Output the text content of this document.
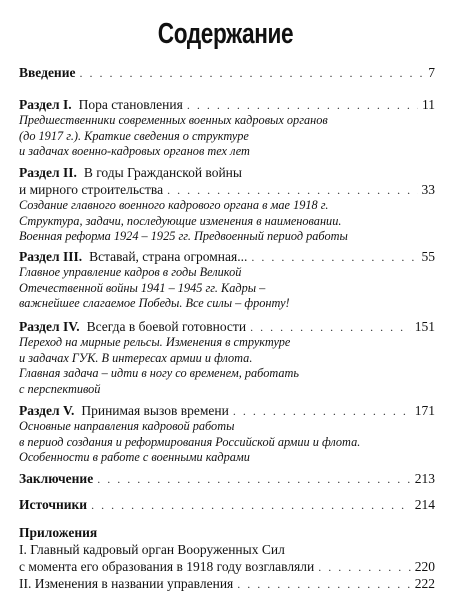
Содержание
Введение . . .	7
Раздел I. Пора становления . . .	11
Предшественники современных военных кадровых органов
(до 1917 г.). Краткие сведения о структуре
и задачах военно-кадровых органов тех лет
Раздел II. В годы Гражданской войны
и мирного строительства . . .	33
Создание главного военного кадрового органа в мае 1918 г.
Структура, задачи, последующие изменения в наименовании.
Военная реформа 1924 – 1925 гг. Предвоенный период работы
Раздел III. Вставай, страна огромная... . . .	55
Главное управление кадров в годы Великой
Отечественной войны 1941 – 1945 гг. Кадры –
важнейшее слагаемое Победы. Все силы – фронту!
Раздел IV. Всегда в боевой готовности . . .	151
Переход на мирные рельсы. Изменения в структуре
и задачах ГУК. В интересах армии и флота.
Главная задача – идти в ногу со временем, работать
с перспективой
Раздел V. Принимая вызов времени . . .	171
Основные направления кадровой работы
в период создания и реформирования Российской армии и флота.
Особенности в работе с военными кадрами
Заключение . . .	213
Источники . . .	214
Приложения
I. Главный кадровый орган Вооруженных Сил
с момента его образования в 1918 году возглавляли . . .	220
II. Изменения в названии управления . . .	222
